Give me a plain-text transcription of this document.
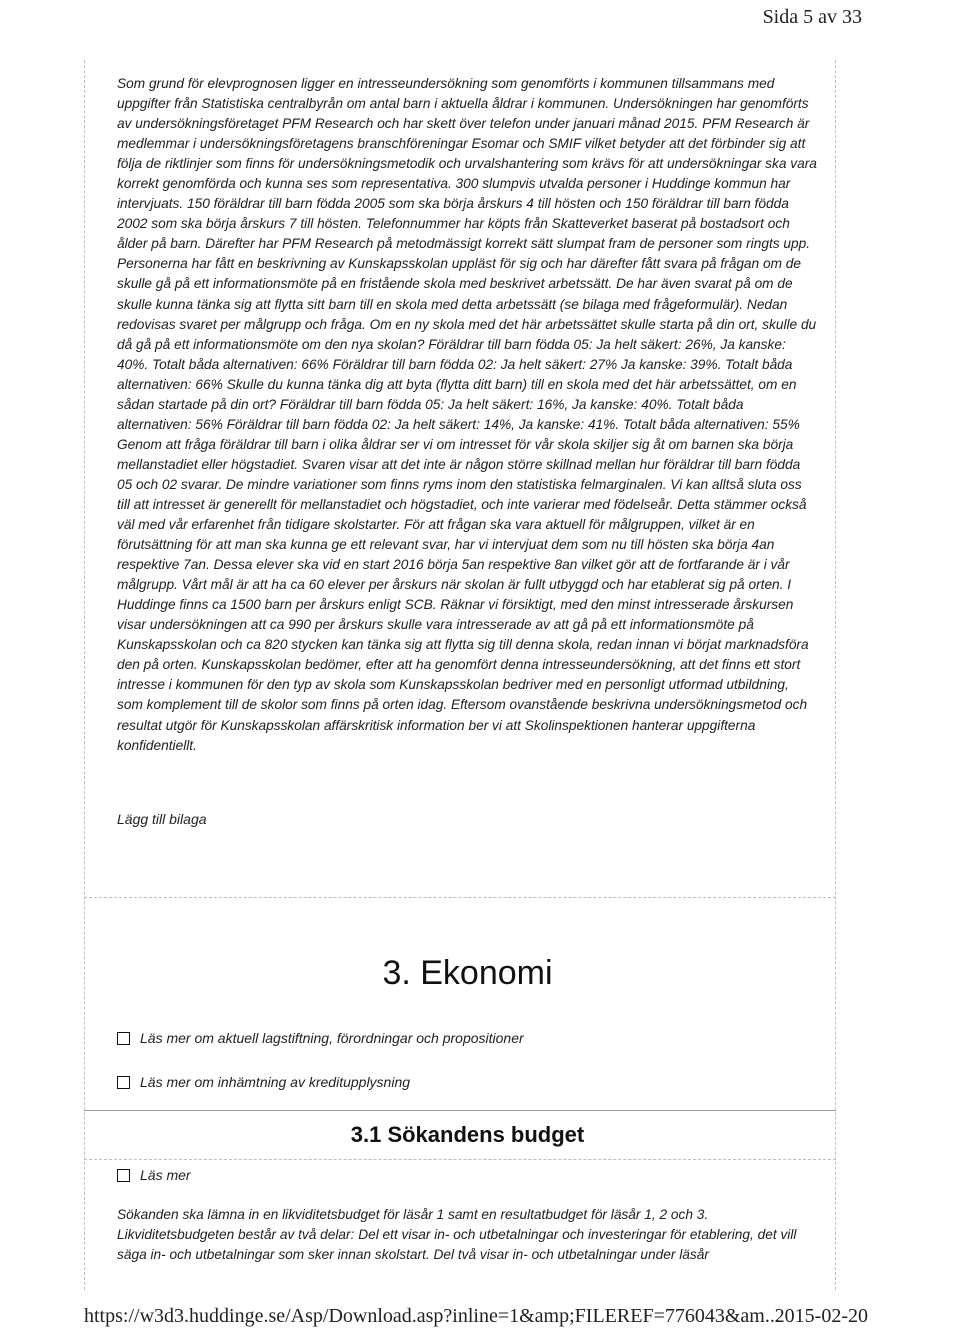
Sida 5 av 33

Som grund för elevprognosen ligger en intresseundersökning som genomförts i kommunen tillsammans med uppgifter från Statistiska centralbyrån om antal barn i aktuella åldrar i kommunen. Undersökningen har genomförts av undersökningsföretaget PFM Research och har skett över telefon under januari månad 2015. PFM Research är medlemmar i undersökningsföretagens branschföreningar Esomar och SMIF vilket betyder att det förbinder sig att följa de riktlinjer som finns för undersökningsmetodik och urvalshantering som krävs för att undersökningar ska vara korrekt genomförda och kunna ses som representativa. 300 slumpvis utvalda personer i Huddinge kommun har intervjuats. 150 föräldrar till barn födda 2005 som ska börja årskurs 4 till hösten och 150 föräldrar till barn födda 2002 som ska börja årskurs 7 till hösten. Telefonnummer har köpts från Skatteverket baserat på bostadsort och ålder på barn. Därefter har PFM Research på metodmässigt korrekt sätt slumpat fram de personer som ringts upp. Personerna har fått en beskrivning av Kunskapsskolan uppläst för sig och har därefter fått svara på frågan om de skulle gå på ett informationsmöte på en fristående skola med beskrivet arbetssätt. De har även svarat på om de skulle kunna tänka sig att flytta sitt barn till en skola med detta arbetssätt (se bilaga med frågeformulär). Nedan redovisas svaret per målgrupp och fråga. Om en ny skola med det här arbetssättet skulle starta på din ort, skulle du då gå på ett informationsmöte om den nya skolan? Föräldrar till barn födda 05: Ja helt säkert: 26%, Ja kanske: 40%. Totalt båda alternativen: 66% Föräldrar till barn födda 02: Ja helt säkert: 27% Ja kanske: 39%. Totalt båda alternativen: 66% Skulle du kunna tänka dig att byta (flytta ditt barn) till en skola med det här arbetssättet, om en sådan startade på din ort? Föräldrar till barn födda 05: Ja helt säkert: 16%, Ja kanske: 40%. Totalt båda alternativen: 56% Föräldrar till barn födda 02: Ja helt säkert: 14%, Ja kanske: 41%. Totalt båda alternativen: 55% Genom att fråga föräldrar till barn i olika åldrar ser vi om intresset för vår skola skiljer sig åt om barnen ska börja mellanstadiet eller högstadiet. Svaren visar att det inte är någon större skillnad mellan hur föräldrar till barn födda 05 och 02 svarar. De mindre variationer som finns ryms inom den statistiska felmarginalen. Vi kan alltså sluta oss till att intresset är generellt för mellanstadiet och högstadiet, och inte varierar med födelseår. Detta stämmer också väl med vår erfarenhet från tidigare skolstarter. För att frågan ska vara aktuell för målgruppen, vilket är en förutsättning för att man ska kunna ge ett relevant svar, har vi intervjuat dem som nu till hösten ska börja 4an respektive 7an. Dessa elever ska vid en start 2016 börja 5an respektive 8an vilket gör att de fortfarande är i vår målgrupp. Vårt mål är att ha ca 60 elever per årskurs när skolan är fullt utbyggd och har etablerat sig på orten. I Huddinge finns ca 1500 barn per årskurs enligt SCB. Räknar vi försiktigt, med den minst intresserade årskursen visar undersökningen att ca 990 per årskurs skulle vara intresserade av att gå på ett informationsmöte på Kunskapsskolan och ca 820 stycken kan tänka sig att flytta sig till denna skola, redan innan vi börjat marknadsföra den på orten. Kunskapsskolan bedömer, efter att ha genomfört denna intresseundersökning, att det finns ett stort intresse i kommunen för den typ av skola som Kunskapsskolan bedriver med en personligt utformad utbildning, som komplement till de skolor som finns på orten idag. Eftersom ovanstående beskrivna undersökningsmetod och resultat utgör för Kunskapsskolan affärskritisk information ber vi att Skolinspektionen hanterar uppgifterna konfidentiellt.

Lägg till bilaga
3. Ekonomi
Läs mer om aktuell lagstiftning, förordningar och propositioner
Läs mer om inhämtning av kreditupplysning
3.1 Sökandens budget
Läs mer

Sökanden ska lämna in en likviditetsbudget för läsår 1 samt en resultatbudget för läsår 1, 2 och 3. Likviditetsbudgeten består av två delar: Del ett visar in- och utbetalningar och investeringar för etablering, det vill säga in- och utbetalningar som sker innan skolstart. Del två visar in- och utbetalningar under läsår

https://w3d3.huddinge.se/Asp/Download.asp?inline=1&amp;FILEREF=776043&am...
2015-02-20
